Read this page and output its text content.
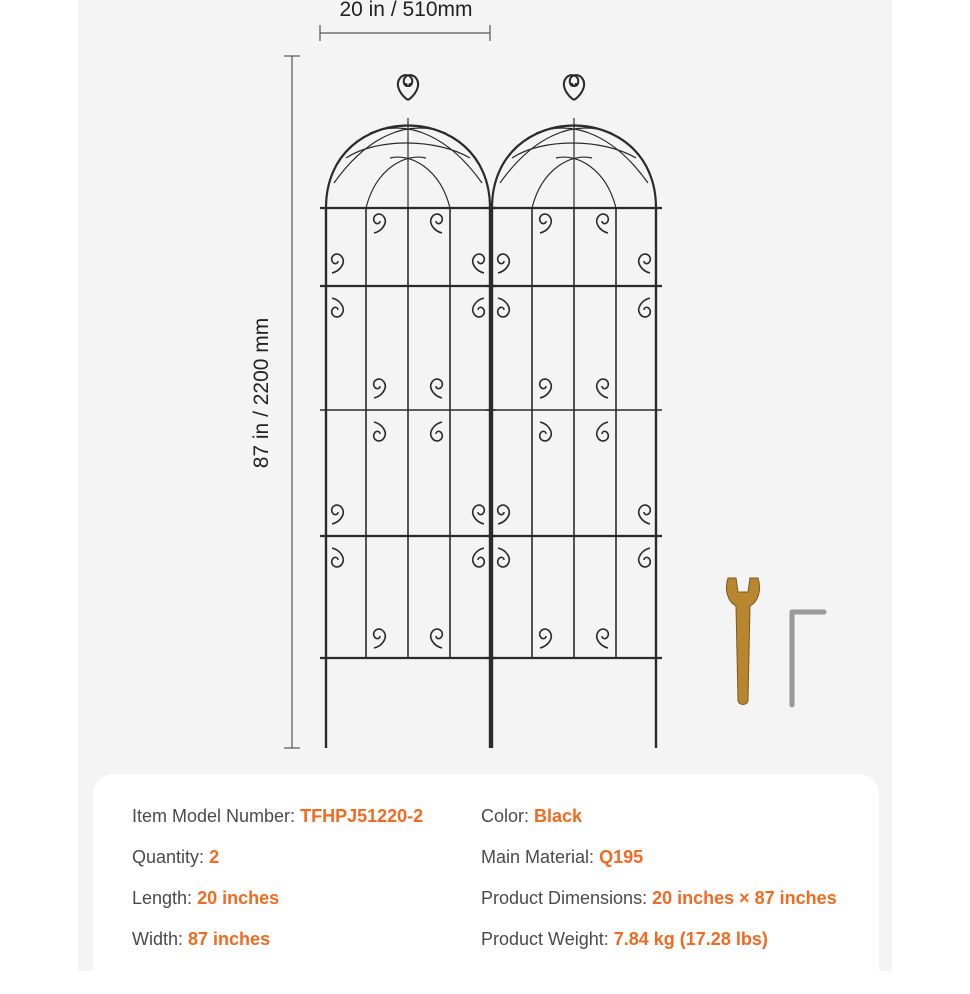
20 in / 510mm
87 in / 2200 mm
Item Model Number: TFHPJ51220-2
Quantity: 2
Length: 20 inches
Width: 87 inches
Color: Black
Main Material: Q195
Product Dimensions: 20 inches × 87 inches
Product Weight: 7.84 kg (17.28 lbs)
